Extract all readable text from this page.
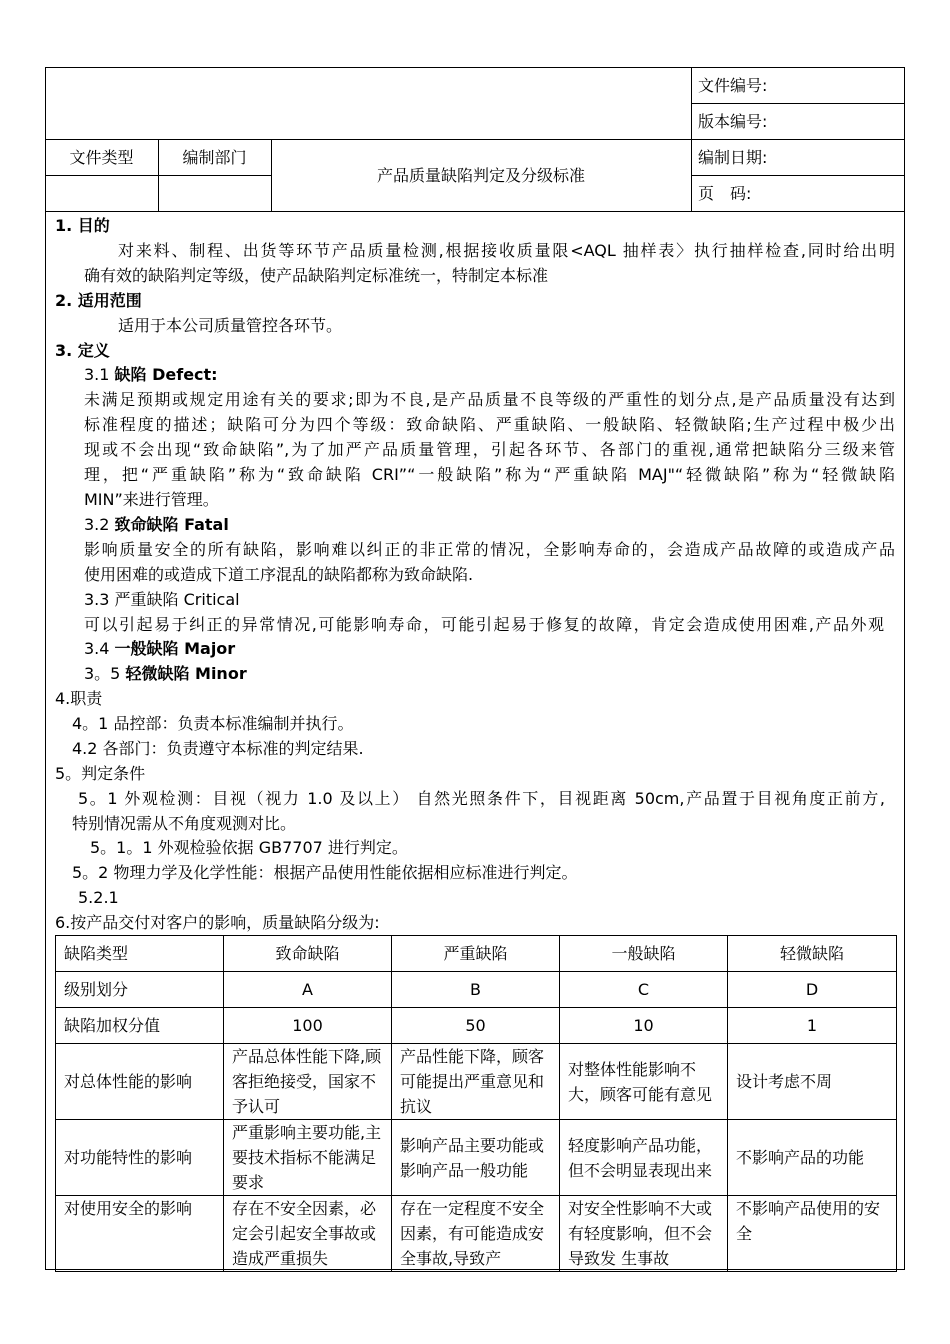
文件编号:
版本编号:
文件类型	编制部门
产品质量缺陷判定及分级标准
编制日期:
页　码:
1. 目的
对来料、制程、出货等环节产品质量检测,根据接收质量限<AQL 抽样表〉执行抽样检查,同时给出明
确有效的缺陷判定等级，使产品缺陷判定标准统一，特制定本标准
2. 适用范围
适用于本公司质量管控各环节。
3. 定义
3.1 缺陷 Defect:
未满足预期或规定用途有关的要求;即为不良,是产品质量不良等级的严重性的划分点,是产品质量没有达到
标准程度的描述；缺陷可分为四个等级：致命缺陷、严重缺陷、一般缺陷、轻微缺陷;生产过程中极少出
现或不会出现“致命缺陷”,为了加严产品质量管理，引起各环节、各部门的重视,通常把缺陷分三级来管
理，把“严重缺陷”称为“致命缺陷 CRI”“一般缺陷”称为“严重缺陷 MAJ"“轻微缺陷”称为“轻微缺陷
MIN”来进行管理。
3.2 致命缺陷 Fatal
影响质量安全的所有缺陷，影响难以纠正的非正常的情况，全影响寿命的，会造成产品故障的或造成产品
使用困难的或造成下道工序混乱的缺陷都称为致命缺陷.
3.3 严重缺陷 Critical
可以引起易于纠正的异常情况,可能影响寿命，可能引起易于修复的故障，肯定会造成使用困难,产品外观
3.4 一般缺陷 Major
3。5 轻微缺陷 Minor
4.职责
4。1 品控部：负责本标准编制并执行。
4.2 各部门：负责遵守本标准的判定结果.
5。判定条件
5。1 外观检测：目视（视力 1.0 及以上） 自然光照条件下，目视距离 50cm,产品置于目视角度正前方,
特别情况需从不角度观测对比。
5。1。1 外观检验依据 GB7707 进行判定。
5。2 物理力学及化学性能：根据产品使用性能依据相应标准进行判定。
5.2.1
6.按产品交付对客户的影响，质量缺陷分级为:
缺陷类型	致命缺陷	严重缺陷	一般缺陷	轻微缺陷
级别划分	A	B	C	D
缺陷加权分值	100	50	10	1
对总体性能的影响	产品总体性能下降,顾客拒绝接受，国家不予认可	产品性能下降，顾客可能提出严重意见和抗议	对整体性能影响不大，顾客可能有意见	设计考虑不周
对功能特性的影响	严重影响主要功能,主要技术指标不能满足要求	影响产品主要功能或影响产品一般功能	轻度影响产品功能，但不会明显表现出来	不影响产品的功能
对使用安全的影响	存在不安全因素，必定会引起安全事故或造成严重损失	存在一定程度不安全因素，有可能造成安全事故,导致产	对安全性影响不大或有轻度影响，但不会导致发 生事故	不影响产品使用的安全
